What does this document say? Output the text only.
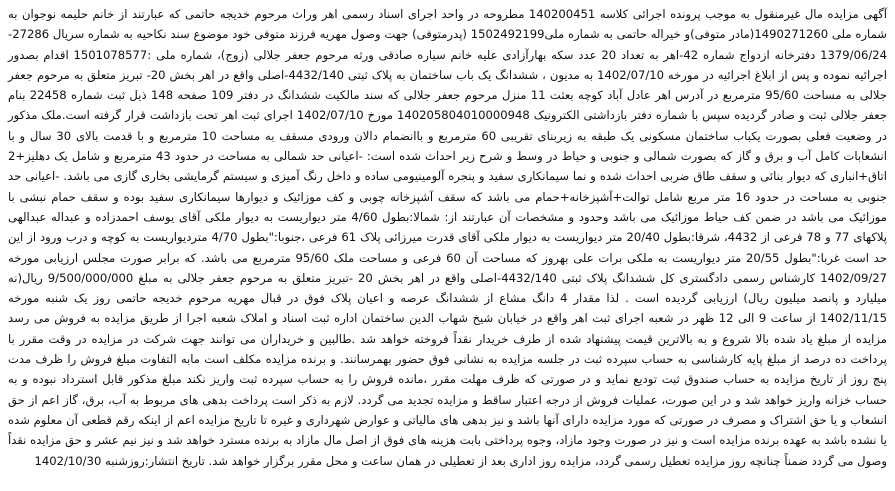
آگهی مزایده مال غیرمنقول به موجب پرونده اجرائی کلاسه 140200451 مطروحه در واحد اجرای اسناد رسمی اهر وراث مرحوم خدیجه حاتمی که عبارتند از خانم حلیمه نوجوان به شماره ملی 1490271260(مادر متوفی)و خیراله حاتمی به شماره ملی1502492199 (پدرمتوفی) جهت وصول مهریه فرزند متوفی خود موضوع سند نکاحیه به شماره سریال 27286-1379/06/24 دفترخانه ازدواج شماره 42-اهر به تعداد 20 عدد سکه بهارآزادی علیه خانم سیاره صادقی ورثه مرحوم جعفر جلالی (زوج)، شماره ملی :1501078577 اقدام بصدور اجرائیه نموده و پس از ابلاغ اجرائیه در مورخه 1402/07/10 به مدیون ، ششدانگ یک باب ساختمان به پلاک ثبتی 4432/140-اصلی واقع در اهر بخش 20- تبریز متعلق به مرحوم جعفر جلالی به مساحت 95/60 مترمربع در آدرس اهر عادل آباد کوچه بعثت 11 منزل مرحوم جعفر جلالی که سند مالکیت ششدانگ در دفتر 109 صفحه 148 ذیل ثبت شماره 22458 بنام جعفر جلالی ثبت و صادر گردیده سپس با شماره دفتر بازداشتی الکترونیک 140205804010000948 مورخ 1402/07/10 اجرای ثبت اهر تحت بازداشت قرار گرفته است.ملک مذکور در وضعیت فعلی بصورت یکباب ساختمان مسکونی یک طبقه به زیربنای تقریبی 60 مترمربع و باانضمام دالان ورودی مسقف به مساحت 10 مترمربع و با قدمت بالای 30 سال و با انشعابات کامل آب و برق و گاز که بصورت شمالی و جنوبی و حیاط در وسط و شرح زیر احداث شده است: -اعیانی حد شمالی به مساحت در حدود 43 مترمربع و شامل یک دهلیز+2 اتاق+انباری که دیوار بنائی و سقف طاق ضربی احداث شده و نما سیمانکاری سفید و پنجره آلومینیومی ساده و داخل رنگ آمیزی و سیستم گرمایشی بخاری گازی می باشد. -اعیانی حد جنوبی به مساحت در حدود 16 متر مربع شامل توالت+آشپزخانه+حمام می باشد که سقف آشپزخانه چوبی و کف موزائیک و دیوارها سیمانکاری سفید بوده و سقف حمام نبشی با موزائیک می باشد در ضمن کف حیاط موزائیک می باشد وحدود و مشخصات آن عبارتند از: شمالا:بطول 4/60 متر دیواریست به دیوار ملکی آقای یوسف احمدزاده و عبداله عبدالهی پلاکهای 77 و 78 فرعی از 4432، شرقا:بطول 20/40 متر دیواریست به دیوار ملکی آقای قدرت میرزائی پلاک 61 فرعی ،جنوبا:"بطول 4/70 متردیواریست به کوچه و درب ورود از این حد است غربا:"بطول 20/55 متر دیواریست به ملکی برات علی بهروز که مساحت آن 60 فرعی و مساحت ملک 95/60 مترمربع می باشد. که برابر صورت مجلس ارزیابی مورخه 1402/09/27 کارشناس رسمی دادگستری کل ششدانگ پلاک ثبتی 4432/140-اصلی واقع در اهر بخش 20 -تبریز متعلق به مرحوم جعفر جلالی به مبلغ 9/500/000/000 ریال(نه میلیارد و پانصد میلیون ریال) ارزیابی گردیده است . لذا مقدار 4 دانگ مشاع از ششدانگ عرصه و اعیان پلاک فوق در قبال مهریه مرحوم خدیجه حاتمی روز یک شنبه مورخه 1402/11/15 از ساعت 9 الی 12 ظهر در شعبه اجرای ثبت اهر واقع در خیابان شیخ شهاب الدین ساختمان اداره ثبت اسناد و املاک شعبه اجرا از طریق مزایده به فروش می رسد مزایده از مبلغ یاد شده بالا شروع و به بالاترین قیمت پیشنهاد شده از طرف خریدار نقداً فروخته خواهد شد .طالبین و خریداران می توانند جهت شرکت در مزایده در وقت مقرر با پرداخت ده درصد از مبلغ پایه کارشناسی به حساب سپرده ثبت در جلسه مزایده به نشانی فوق حضور بهمرسانند. و برنده مزایده مکلف است مابه التفاوت مبلغ فروش را ظرف مدت پنج روز از تاریخ مزایده به حساب صندوق ثبت تودیع نماید و در صورتی که ظرف مهلت مقرر ،مانده فروش را به حساب سپرده ثبت واریز نکند مبلغ مذکور قابل استرداد نبوده و به حساب خزانه واریز خواهد شد و در این صورت، عملیات فروش از درجه اعتبار ساقط و مزایده تجدید می گردد. لازم به ذکر است پرداخت بدهی های مربوط به آب، برق، گاز اعم از حق انشعاب و یا حق اشتراک و مصرف در صورتی که مورد مزایده دارای آنها باشد و نیز بدهی های مالیاتی و عوارض شهرداری و غیره تا تاریخ مزایده اعم از اینکه رقم قطعی آن معلوم شده یا نشده باشد به عهده برنده مزایده است و نیز در صورت وجود مازاد، وجوه پرداختی بابت هزینه های فوق از اصل مال مازاد به برنده مسترد خواهد شد و نیز نیم عشر و حق مزایده نقداً وصول می گردد ضمناً چنانچه روز مزایده تعطیل رسمی گردد، مزایده روز اداری بعد از تعطیلی در همان ساعت و محل مقرر برگزار خواهد شد. تاریخ انتشار:روزشنبه 1402/10/30
